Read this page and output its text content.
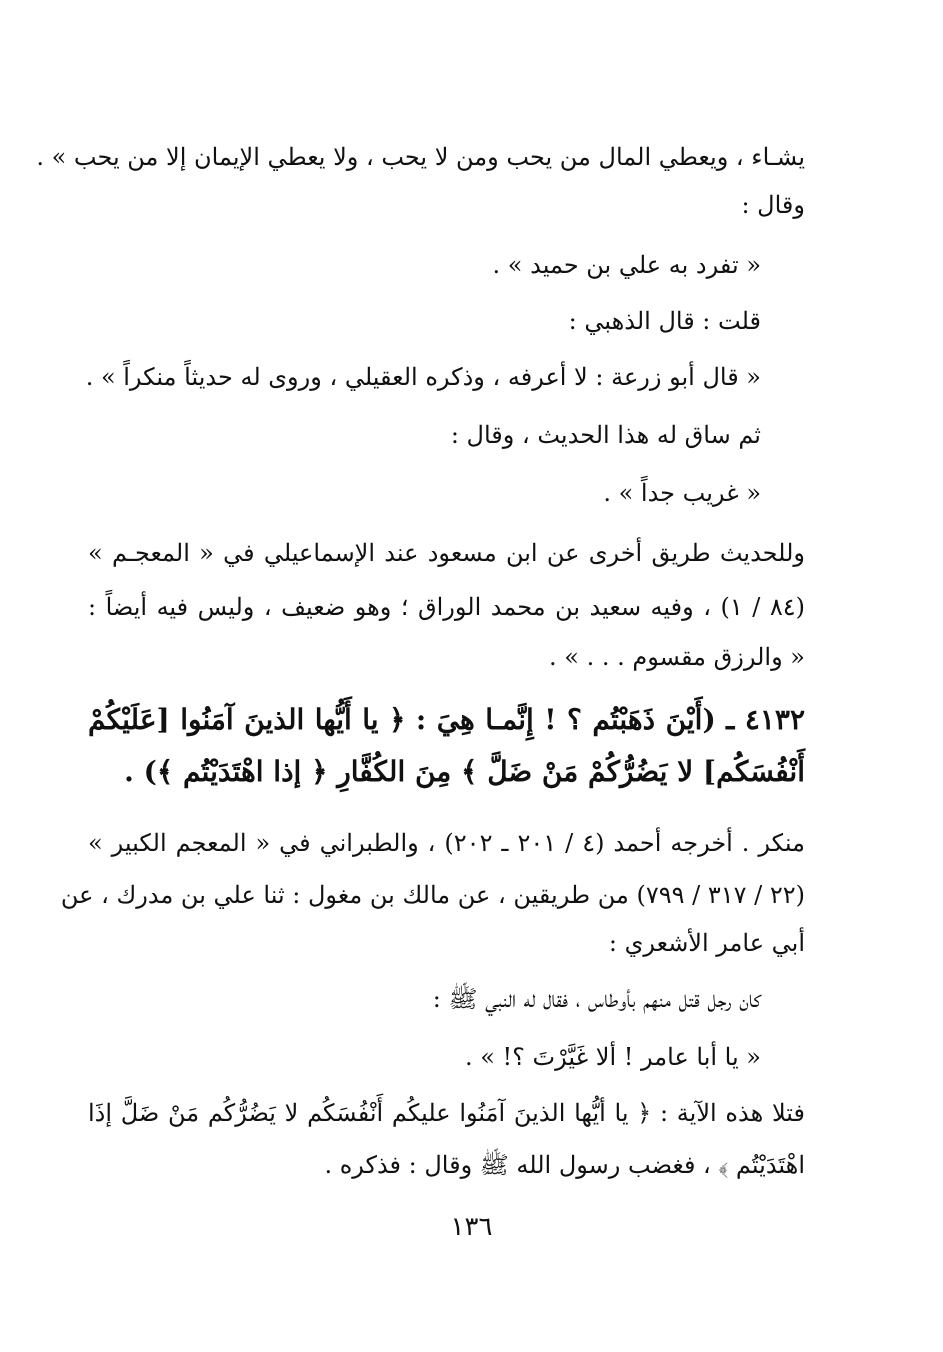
يشـاء ، ويعطي المال من يحب ومن لا يحب ، ولا يعطي الإيمان إلا من يحب » .
وقال :
« تفرد به علي بن حميد » .
قلت : قال الذهبي :
« قال أبو زرعة : لا أعرفه ، وذكره العقيلي ، وروى له حديثاً منكراً » .
ثم ساق له هذا الحديث ، وقال :
« غريب جداً » .
وللحديث طريق أخرى عن ابن مسعود عند الإسماعيلي في « المعجـم »
(٨٤ / ١) ، وفيه سعيد بن محمد الوراق ؛ وهو ضعيف ، وليس فيه أيضاً :
« والرزق مقسوم . . . » .
٤١٣٢ ـ (أَيْنَ ذَهَبْتُم ؟ ! إِنَّمـا هِيَ : ﴿ يا أَيُّها الذينَ آمَنُوا [عَلَيْكُمْ
أَنْفُسَكُم] لا يَضُرُّكُمْ مَنْ ضَلَّ ﴾ مِنَ الكُفَّارِ ﴿ إذا اهْتَدَيْتُم ﴾) .
منكر . أخرجه أحمد (٤ / ٢٠١ ـ ٢٠٢) ، والطبراني في « المعجم الكبير »
(٢٢ / ٣١٧ / ٧٩٩) من طريقين ، عن مالك بن مغول : ثنا علي بن مدرك ، عن
أبي عامر الأشعري :
كان رجل قتل منهم بأوطاس ، فقال له النبي ﷺ :
« يا أبا عامر ! ألا غَيَّرْتَ ؟! » .
فتلا هذه الآية : ﴿ يا أيُّها الذينَ آمَنُوا عليكُم أَنْفُسَكُم لا يَضُرُّكُم مَنْ ضَلَّ إذَا
اهْتَدَيْتُم ﴾ ، فغضب رسول الله ﷺ وقال : فذكره .
١٣٦
